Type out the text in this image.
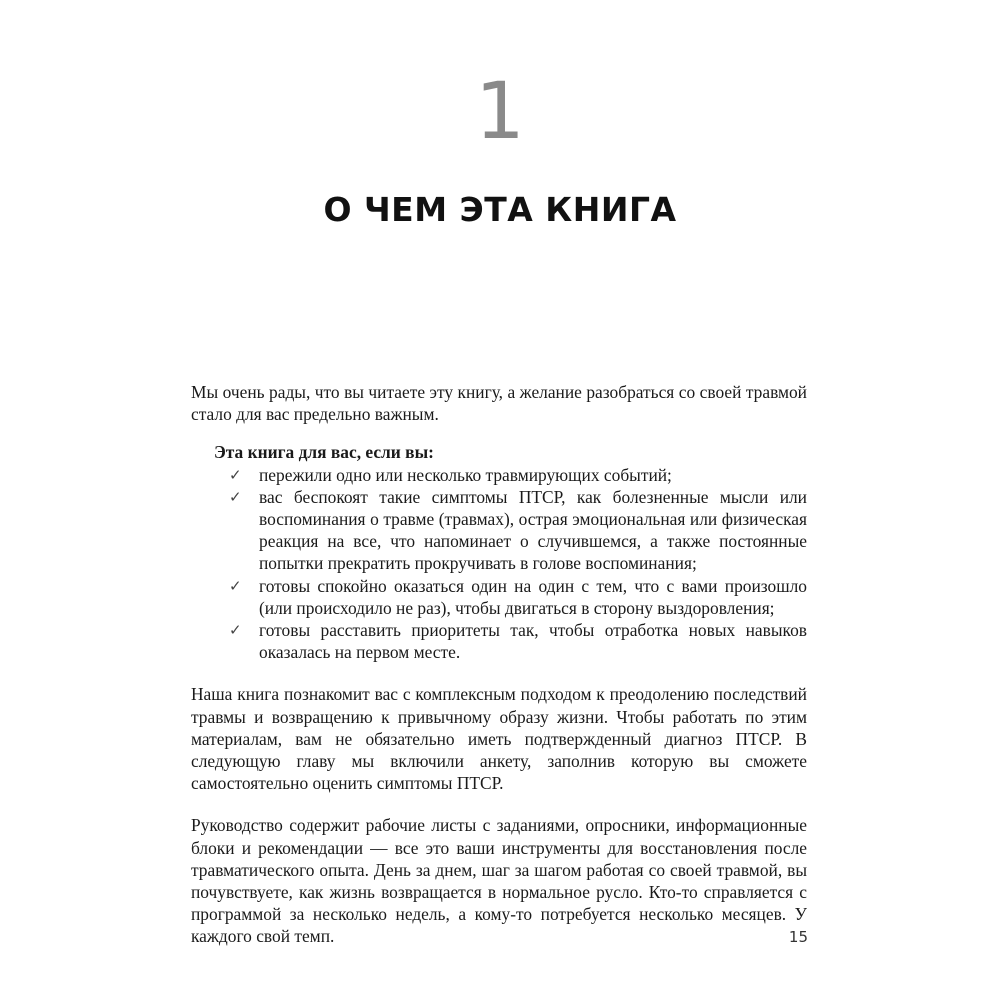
1
О ЧЕМ ЭТА КНИГА

Мы очень рады, что вы читаете эту книгу, а желание разобраться со своей травмой стало для вас предельно важным.

Эта книга для вас, если вы:
✓ пережили одно или несколько травмирующих событий;
✓ вас беспокоят такие симптомы ПТСР, как болезненные мысли или воспоминания о травме (травмах), острая эмоциональная или физическая реакция на все, что напоминает о случившемся, а также постоянные попытки прекратить прокручивать в голове воспоминания;
✓ готовы спокойно оказаться один на один с тем, что с вами произошло (или происходило не раз), чтобы двигаться в сторону выздоровления;
✓ готовы расставить приоритеты так, чтобы отработка новых навыков оказалась на первом месте.

Наша книга познакомит вас с комплексным подходом к преодолению последствий травмы и возвращению к привычному образу жизни. Чтобы работать по этим материалам, вам не обязательно иметь подтвержденный диагноз ПТСР. В следующую главу мы включили анкету, заполнив которую вы сможете самостоятельно оценить симптомы ПТСР.

Руководство содержит рабочие листы с заданиями, опросники, информационные блоки и рекомендации — все это ваши инструменты для восстановления после травматического опыта. День за днем, шаг за шагом работая со своей травмой, вы почувствуете, как жизнь возвращается в нормальное русло. Кто-то справляется с программой за несколько недель, а кому-то потребуется несколько месяцев. У каждого свой темп.	15
